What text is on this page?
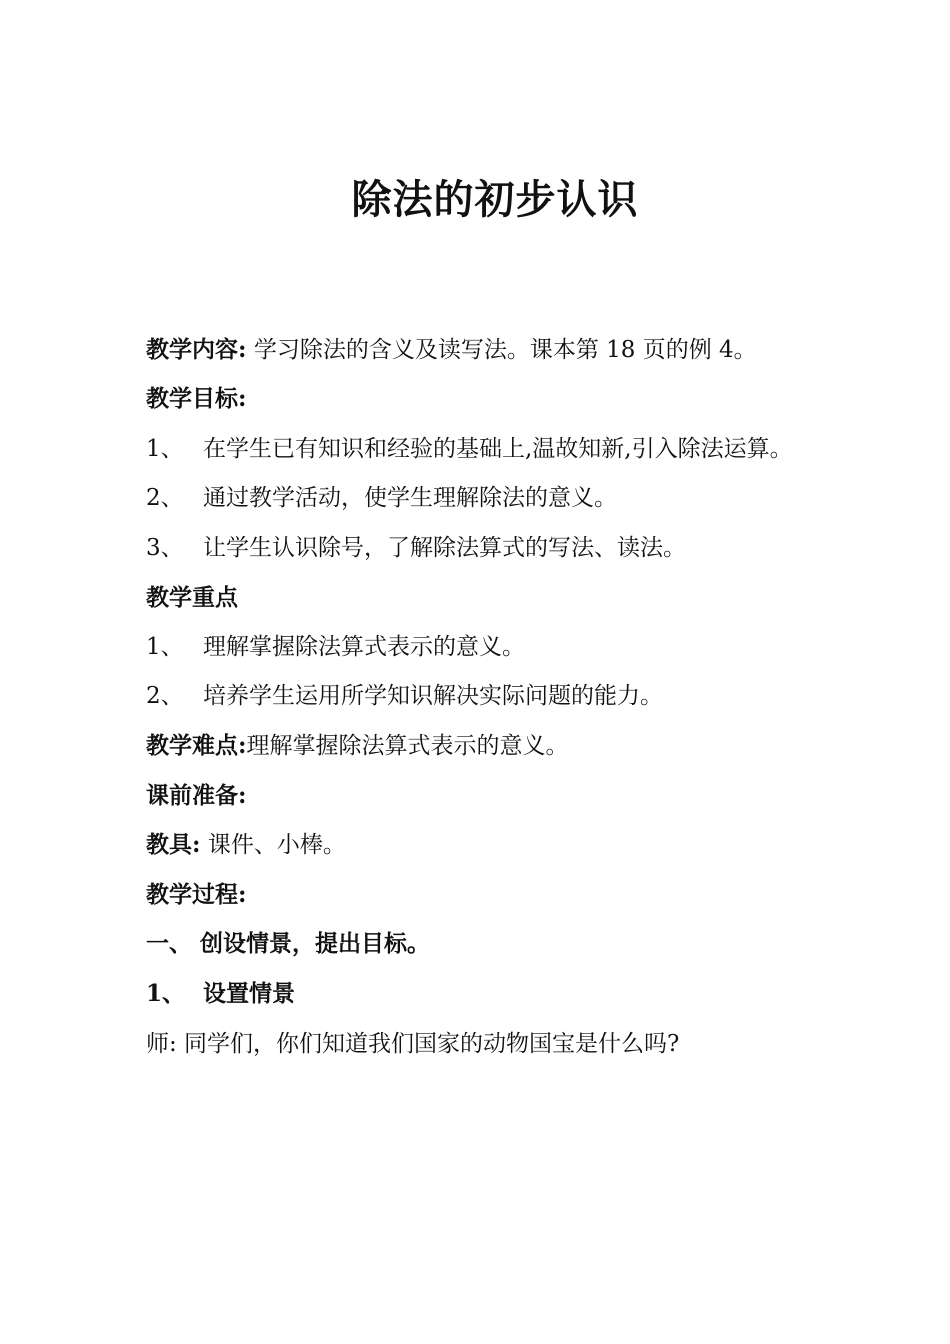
除法的初步认识
教学内容: 学习除法的含义及读写法。课本第 18 页的例 4。
教学目标:
1、 在学生已有知识和经验的基础上,温故知新,引入除法运算。
2、 通过教学活动，使学生理解除法的意义。
3、 让学生认识除号，了解除法算式的写法、读法。
教学重点
1、 理解掌握除法算式表示的意义。
2、 培养学生运用所学知识解决实际问题的能力。
教学难点:理解掌握除法算式表示的意义。
课前准备:
教具: 课件、小棒。
教学过程:
一、 创设情景，提出目标。
1、 设置情景
师: 同学们，你们知道我们国家的动物国宝是什么吗?
